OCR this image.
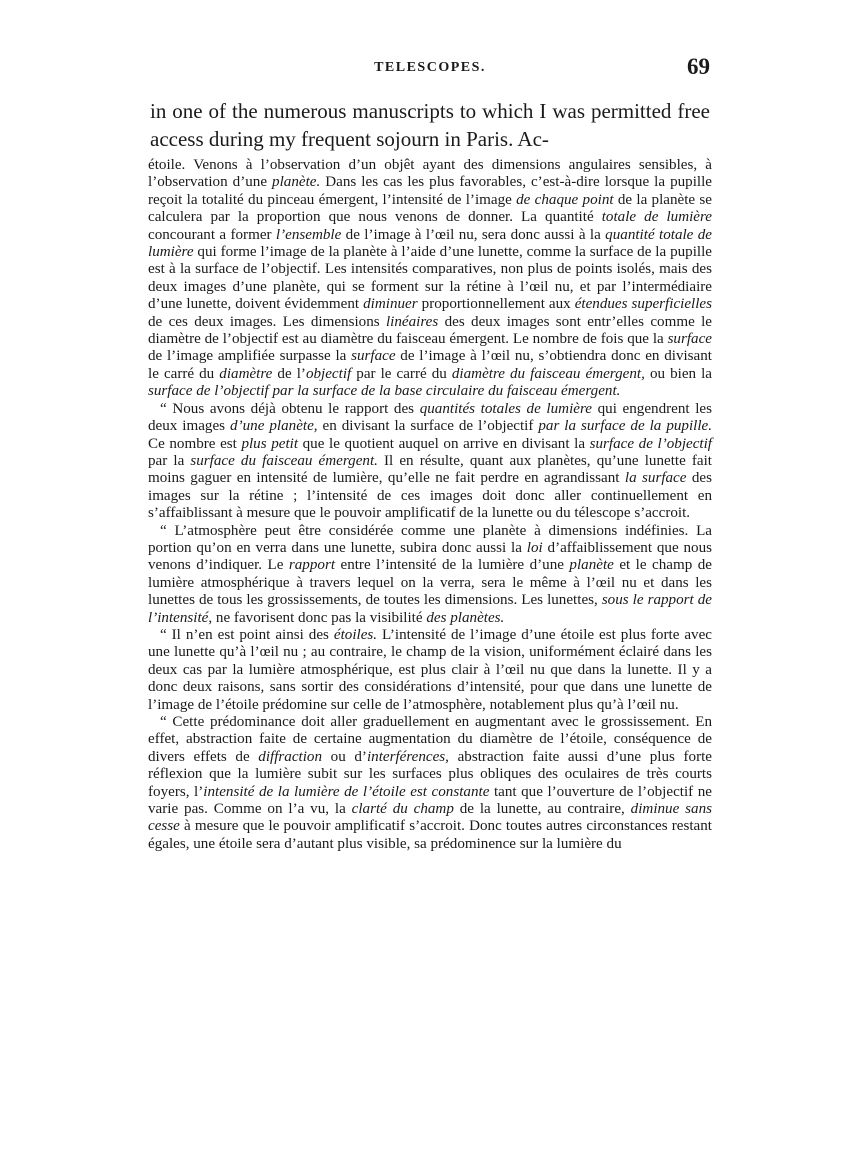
TELESCOPES.	69

in one of the numerous manuscripts to which I was permitted free access during my frequent sojourn in Paris. Ac-

étoile. Venons à l’observation d’un objêt ayant des dimensions angulaires sensibles, à l’observation d’une planète. Dans les cas les plus favorables, c’est-à-dire lorsque la pupille reçoit la totalité du pinceau émergent, l’intensité de l’image de chaque point de la planète se calculera par la proportion que nous venons de donner. La quantité totale de lumière concourant a former l’ensemble de l’image à l’œil nu, sera donc aussi à la quantité totale de lumière qui forme l’image de la planète à l’aide d’une lunette, comme la surface de la pupille est à la surface de l’objectif. Les intensités comparatives, non plus de points isolés, mais des deux images d’une planète, qui se forment sur la rétine à l’œil nu, et par l’intermédiaire d’une lunette, doivent évidemment diminuer proportionnellement aux étendues superficielles de ces deux images. Les dimensions linéaires des deux images sont entr’elles comme le diamètre de l’objectif est au diamètre du faisceau émergent. Le nombre de fois que la surface de l’image amplifiée surpasse la surface de l’image à l’œil nu, s’obtiendra donc en divisant le carré du diamètre de l’objectif par le carré du diamètre du faisceau émergent, ou bien la surface de l’objectif par la surface de la base circulaire du faisceau émergent.

“ Nous avons déjà obtenu le rapport des quantités totales de lumière qui engendrent les deux images d’une planète, en divisant la surface de l’objectif par la surface de la pupille. Ce nombre est plus petit que le quotient auquel on arrive en divisant la surface de l’objectif par la surface du faisceau émergent. Il en résulte, quant aux planètes, qu’une lunette fait moins gaguer en intensité de lumière, qu’elle ne fait perdre en agrandissant la surface des images sur la rétine ; l’intensité de ces images doit donc aller continuellement en s’affaiblissant à mesure que le pouvoir amplificatif de la lunette ou du télescope s’accroit.

“ L’atmosphère peut être considérée comme une planète à dimensions indéfinies. La portion qu’on en verra dans une lunette, subira donc aussi la loi d’affaiblissement que nous venons d’indiquer. Le rapport entre l’intensité de la lumière d’une planète et le champ de lumière atmosphérique à travers lequel on la verra, sera le même à l’œil nu et dans les lunettes de tous les grossissements, de toutes les dimensions. Les lunettes, sous le rapport de l’intensité, ne favorisent donc pas la visibilité des planètes.

“ Il n’en est point ainsi des étoiles. L’intensité de l’image d’une étoile est plus forte avec une lunette qu’à l’œil nu ; au contraire, le champ de la vision, uniformément éclairé dans les deux cas par la lumière atmosphérique, est plus clair à l’œil nu que dans la lunette. Il y a donc deux raisons, sans sortir des considérations d’intensité, pour que dans une lunette de l’image de l’étoile prédomine sur celle de l’atmosphère, notablement plus qu’à l’œil nu.

“ Cette prédominance doit aller graduellement en augmentant avec le grossissement. En effet, abstraction faite de certaine augmentation du diamètre de l’étoile, conséquence de divers effets de diffraction ou d’interférences, abstraction faite aussi d’une plus forte réflexion que la lumière subit sur les surfaces plus obliques des oculaires de très courts foyers, l’intensité de la lumière de l’étoile est constante tant que l’ouverture de l’objectif ne varie pas. Comme on l’a vu, la clarté du champ de la lunette, au contraire, diminue sans cesse à mesure que le pouvoir amplificatif s’accroit. Donc toutes autres circonstances restant égales, une étoile sera d’autant plus visible, sa prédominence sur la lumière du
